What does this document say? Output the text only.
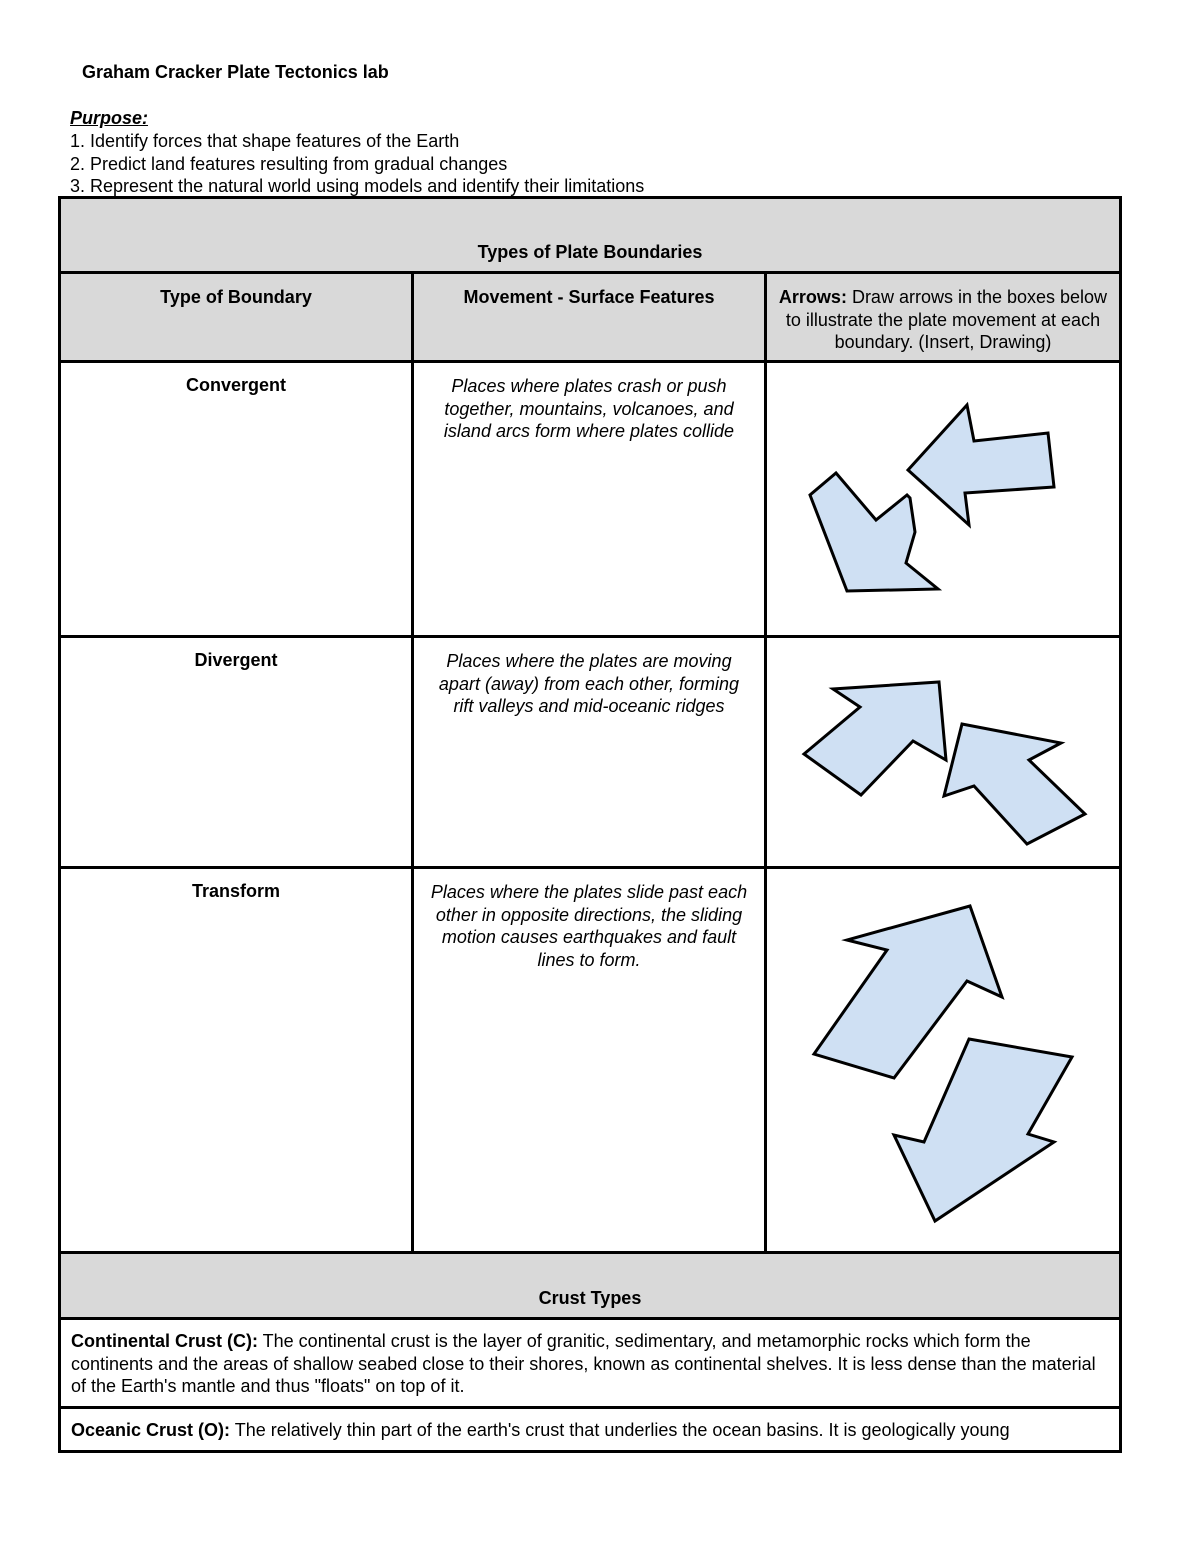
Graham Cracker Plate Tectonics lab
Purpose:
1. Identify forces that shape features of the Earth
2. Predict land features resulting from gradual changes
3. Represent the natural world using models and identify their limitations
Types of Plate Boundaries		
Type of Boundary	Movement - Surface Features	Arrows: Draw arrows in the boxes below to illustrate the plate movement at each boundary. (Insert, Drawing)
Convergent	Places where plates crash or push together, mountains, volcanoes, and island arcs form where plates collide	

Divergent	Places where the plates are moving apart (away) from each other, forming rift valleys and mid-oceanic ridges	

Transform	Places where the plates slide past each other in opposite directions, the sliding motion causes earthquakes and fault lines to form.	

Crust Types		
Continental Crust (C): The continental crust is the layer of granitic, sedimentary, and metamorphic rocks which form the continents and the areas of shallow seabed close to their shores, known as continental shelves. It is less dense than the material of the Earth's mantle and thus "floats" on top of it.		
Oceanic Crust (O): The relatively thin part of the earth's crust that underlies the ocean basins. It is geologically young		
